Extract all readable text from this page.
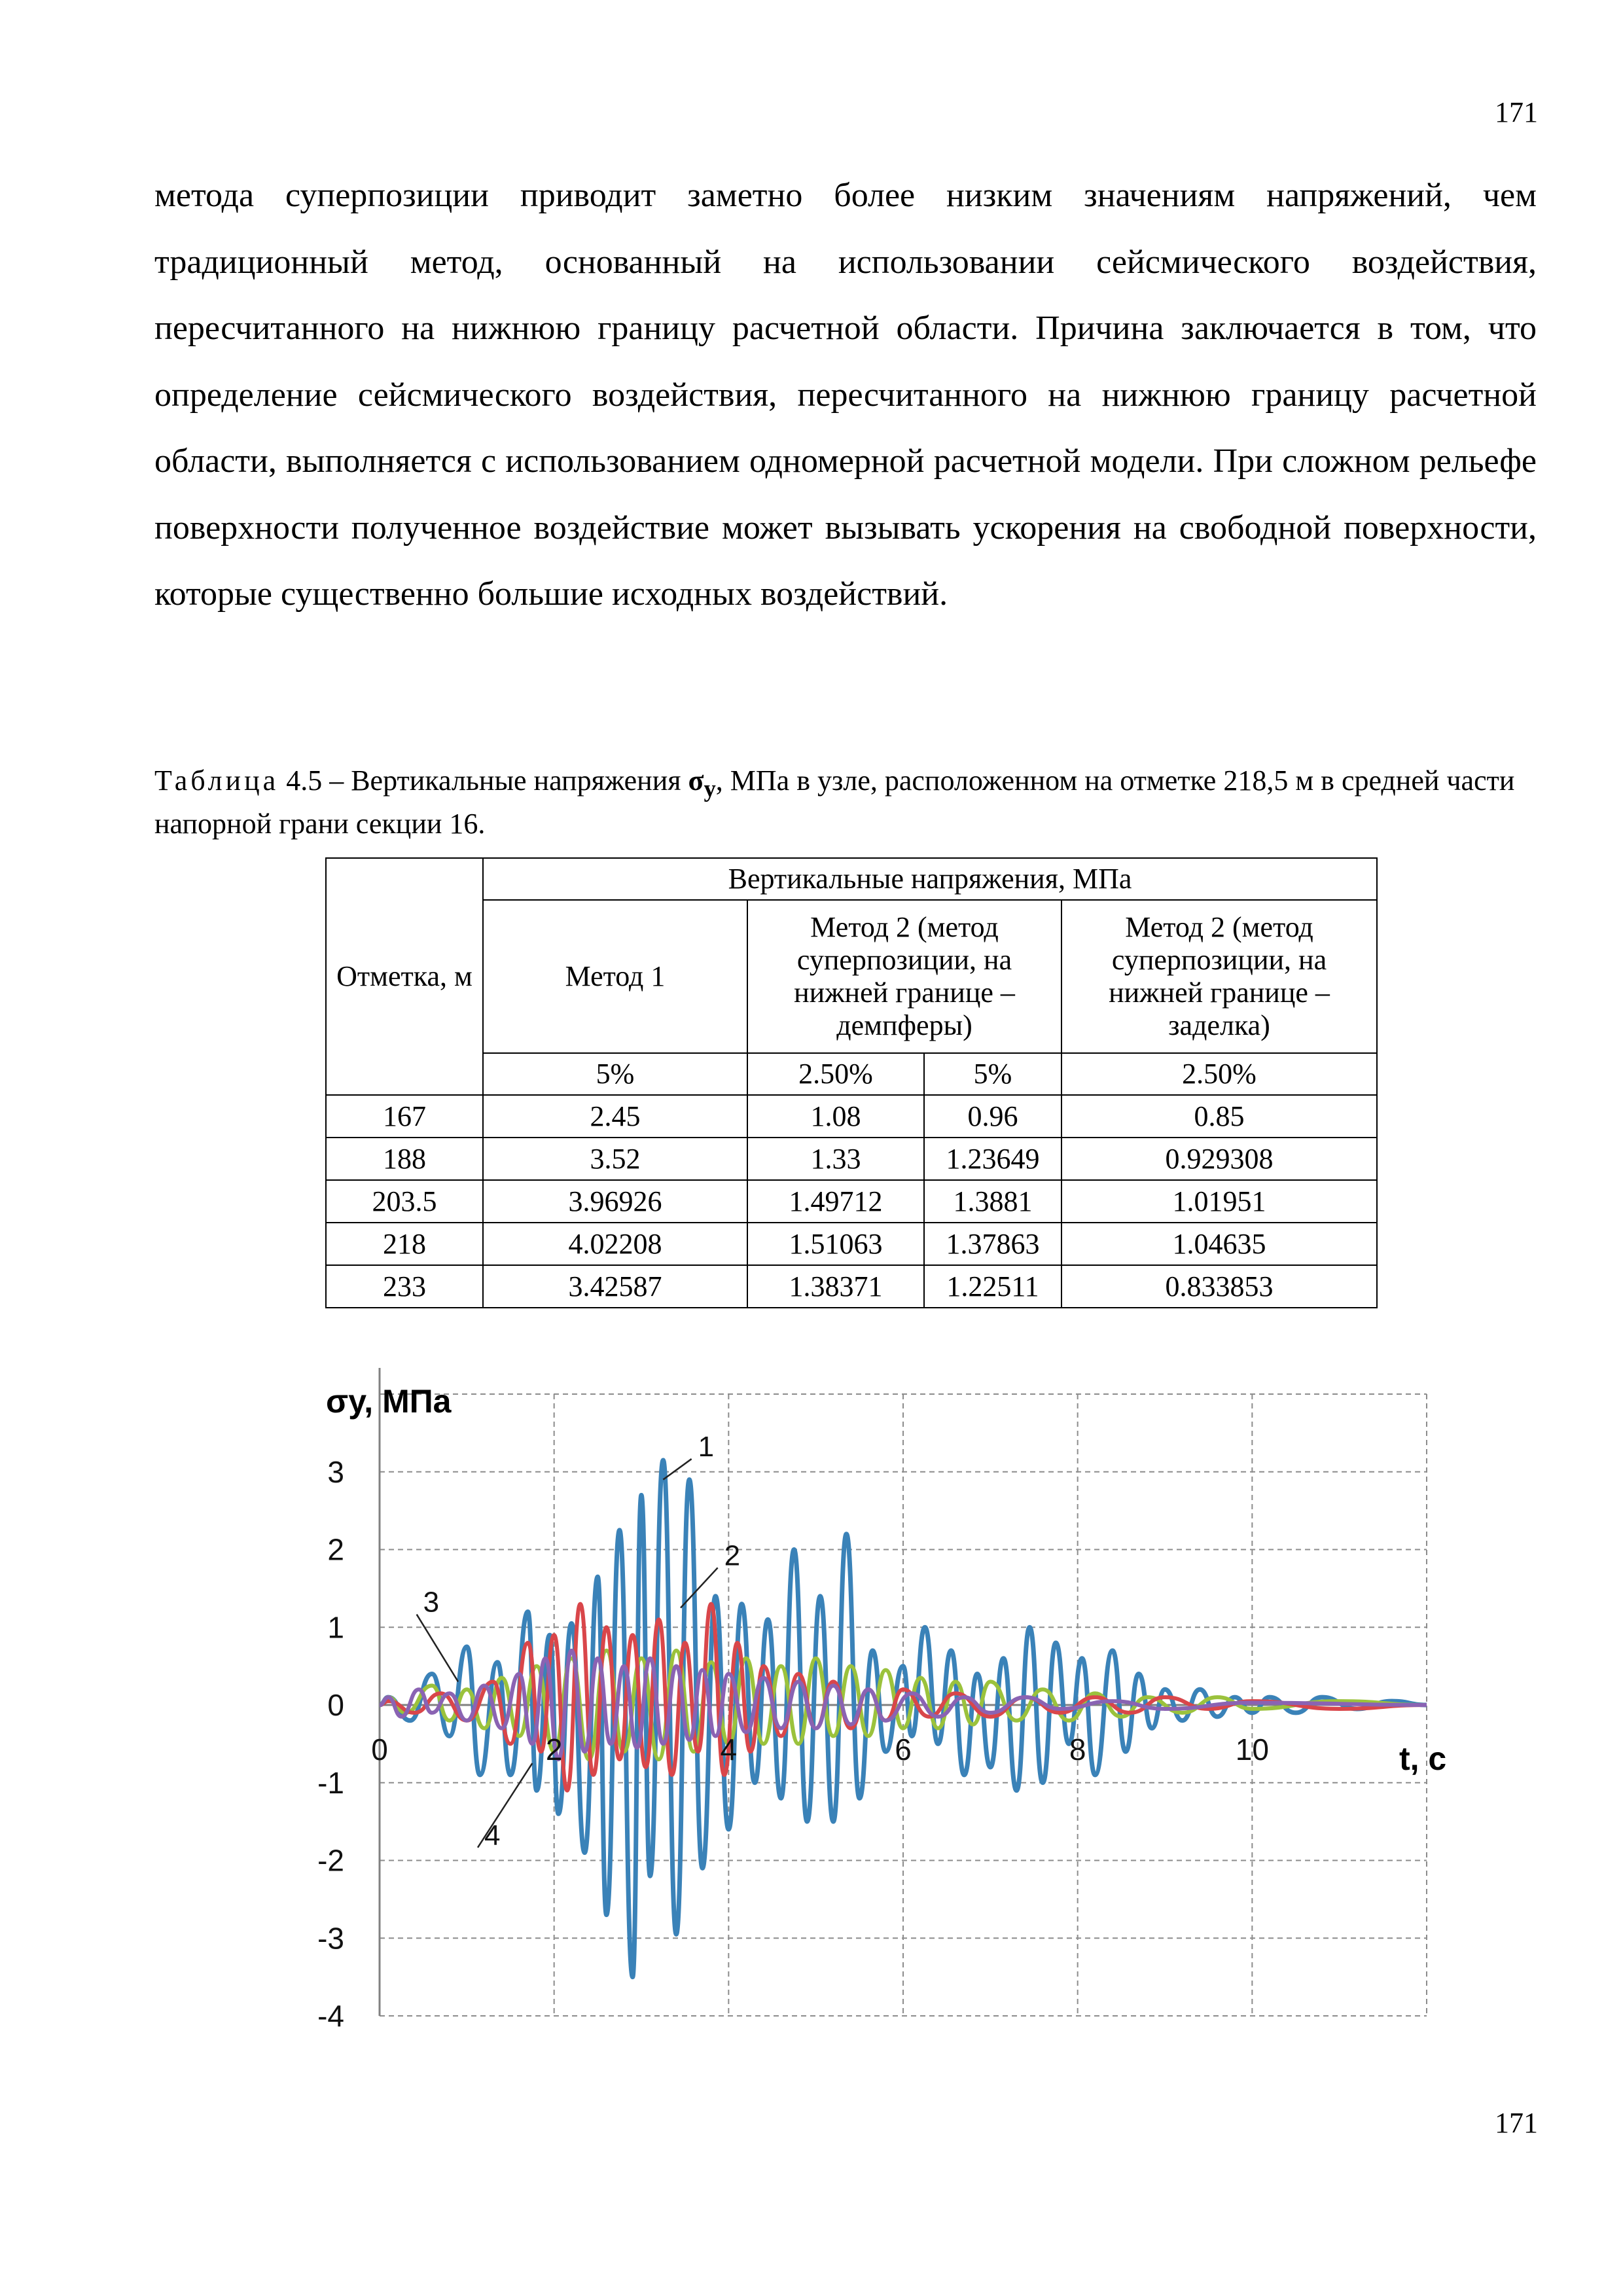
171

метода суперпозиции приводит заметно более низким значениям напряжений, чем традиционный метод, основанный на использовании сейсмического воздействия, пересчитанного на нижнюю границу расчетной области. Причина заключается в том, что определение сейсмического воздействия, пересчитанного на нижнюю границу расчетной области, выполняется с использованием одномерной расчетной модели. При сложном рельефе поверхности полученное воздействие может вызывать ускорения на свободной поверхности, которые существенно большие исходных воздействий.

Таблица 4.5 – Вертикальные напряжения $\sigma_y$, МПа в узле, расположенном на отметке 218,5 м в средней части напорной грани секции 16.

Отметка, м	Вертикальные напряжения, МПа			
	Метод 1	Метод 2 (метод суперпозиции, на нижней границе – демпферы)		Метод 2 (метод суперпозиции, на нижней границе – заделка)
	5%	2.50%	5%	2.50%
167	2.45	1.08	0.96	0.85
188	3.52	1.33	1.23649	0.929308
203.5	3.96926	1.49712	1.3881	1.01951
218	4.02208	1.51063	1.37863	1.04635
233	3.42587	1.38371	1.22511	0.833853
1
2
3
4
σy, МПа
t, c
0	2	4	6	8	10
3
2
1
0
-1
-2
-3
-4
171
